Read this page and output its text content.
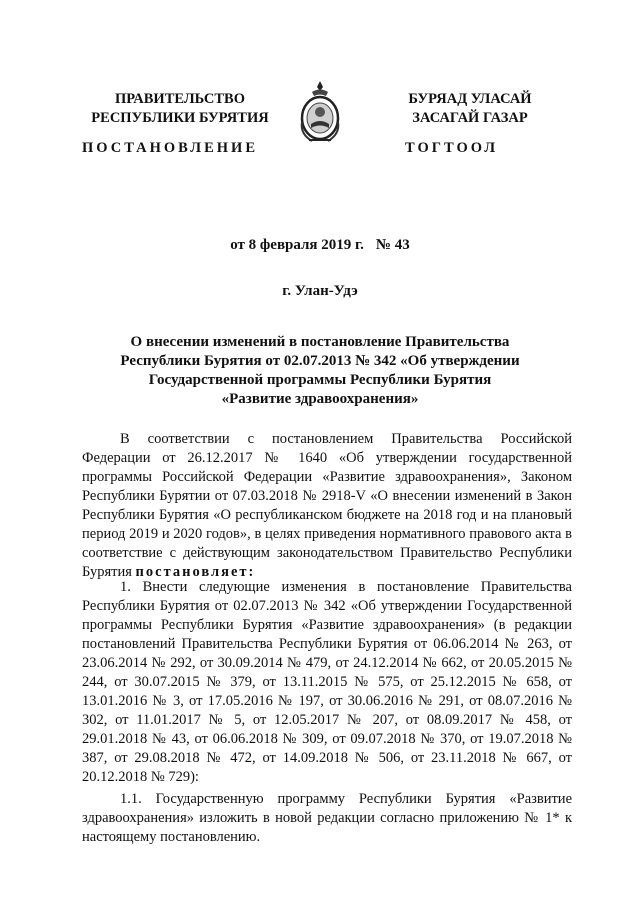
ПРАВИТЕЛЬСТВО
РЕСПУБЛИКИ БУРЯТИЯ
БУРЯАД УЛАСАЙ
ЗАСАГАЙ ГАЗАР
ПОСТАНОВЛЕНИЕ	ТОГТООЛ
от 8 февраля 2019 г. № 43
г. Улан-Удэ
О внесении изменений в постановление Правительства
Республики Бурятия от 02.07.2013 № 342 «Об утверждении
Государственной программы Республики Бурятия
«Развитие здравоохранения»

В соответствии с постановлением Правительства Российской Федерации от 26.12.2017 № 1640 «Об утверждении государственной программы Российской Федерации «Развитие здравоохранения», Законом Республики Бурятии от 07.03.2018 № 2918-V «О внесении изменений в Закон Республики Бурятия «О республиканском бюджете на 2018 год и на плановый период 2019 и 2020 годов», в целях приведения нормативного правового акта в соответствие с действующим законодательством Правительство Республики Бурятия постановляет:

1. Внести следующие изменения в постановление Правительства Республики Бурятия от 02.07.2013 № 342 «Об утверждении Государственной программы Республики Бурятия «Развитие здравоохранения» (в редакции постановлений Правительства Республики Бурятия от 06.06.2014 № 263, от 23.06.2014 № 292, от 30.09.2014 № 479, от 24.12.2014 № 662, от 20.05.2015 № 244, от 30.07.2015 № 379, от 13.11.2015 № 575, от 25.12.2015 № 658, от 13.01.2016 № 3, от 17.05.2016 № 197, от 30.06.2016 № 291, от 08.07.2016 № 302, от 11.01.2017 № 5, от 12.05.2017 № 207, от 08.09.2017 № 458, от 29.01.2018 № 43, от 06.06.2018 № 309, от 09.07.2018 № 370, от 19.07.2018 № 387, от 29.08.2018 № 472, от 14.09.2018 № 506, от 23.11.2018 № 667, от 20.12.2018 № 729):

1.1. Государственную программу Республики Бурятия «Развитие здравоохранения» изложить в новой редакции согласно приложению № 1* к настоящему постановлению.
